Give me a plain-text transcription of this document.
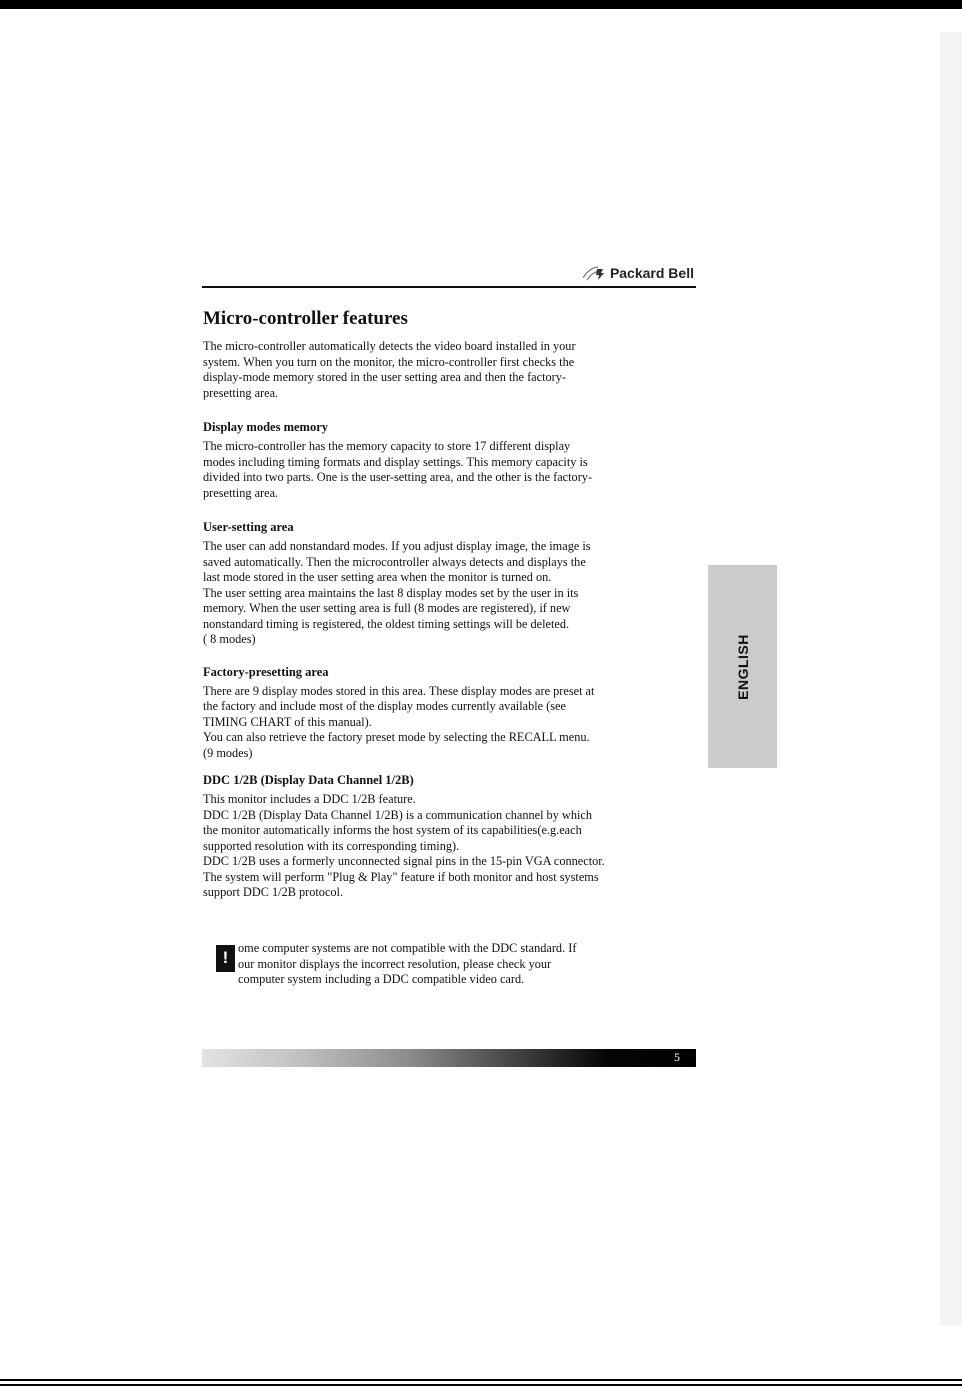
Packard Bell
Micro-controller features

The micro-controller automatically detects the video board installed in your
system. When you turn on the monitor, the micro-controller first checks the
display-mode memory stored in the user setting area and then the factory-
presetting area.

Display modes memory

The micro-controller has the memory capacity to store 17 different display
modes including timing formats and display settings. This memory capacity is
divided into two parts. One is the user-setting area, and the other is the factory-
presetting area.

User-setting area

The user can add nonstandard modes. If you adjust display image, the image is
saved automatically. Then the microcontroller always detects and displays the
last mode stored in the user setting area when the monitor is turned on.
The user setting area maintains the last 8 display modes set by the user in its
memory. When the user setting area is full (8 modes are registered), if new
nonstandard timing is registered, the oldest timing settings will be deleted.
( 8 modes)

Factory-presetting area

There are 9 display modes stored in this area. These display modes are preset at
the factory and include most of the display modes currently available (see
TIMING CHART of this manual).
You can also retrieve the factory preset mode by selecting the RECALL menu.
(9 modes)

DDC 1/2B (Display Data Channel 1/2B)

This monitor includes a DDC 1/2B feature.
DDC 1/2B (Display Data Channel 1/2B) is a communication channel by which
the monitor automatically informs the host system of its capabilities(e.g.each
supported resolution with its corresponding timing).
DDC 1/2B uses a formerly unconnected signal pins in the 15-pin VGA connector.
The system will perform "Plug & Play" feature if both monitor and host systems
support DDC 1/2B protocol.

! ome computer systems are not compatible with the DDC standard. If
our monitor displays the incorrect resolution, please check your
computer system including a DDC compatible video card.
ENGLISH
5
